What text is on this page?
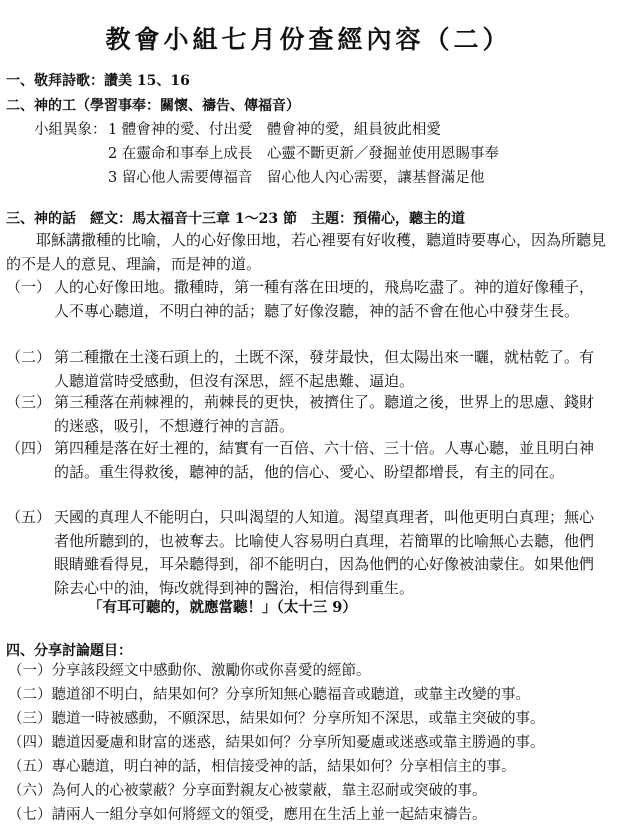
教會小組七月份查經內容（二）
一、敬拜詩歌：讚美 15、16
二、神的工（學習事奉：關懷、禱告、傳福音）
小組異象： 1 體會神的愛、付出愛　體會神的愛，組員彼此相愛
2 在靈命和事奉上成長　心靈不斷更新／發掘並使用恩賜事奉
3 留心他人需要傳福音　留心他人內心需要，讓基督滿足他
三、神的話　經文：馬太福音十三章 1～23 節　主題：預備心，聽主的道
耶穌講撒種的比喻，人的心好像田地，若心裡要有好收穫，聽道時要專心，因為所聽見的不是人的意見、理論，而是神的道。
（一） 人的心好像田地。撒種時，第一種有落在田埂的，飛鳥吃盡了。神的道好像種子，人不專心聽道，不明白神的話；聽了好像沒聽，神的話不會在他心中發芽生長。
（二） 第二種撒在土淺石頭上的，土既不深，發芽最快，但太陽出來一曬，就枯乾了。有人聽道當時受感動，但沒有深思，經不起患難、逼迫。
（三） 第三種落在荊棘裡的，荊棘長的更快，被擠住了。聽道之後，世界上的思慮、錢財的迷惑，吸引，不想遵行神的言語。
（四） 第四種是落在好土裡的，結實有一百倍、六十倍、三十倍。人專心聽，並且明白神的話。重生得救後，聽神的話，他的信心、愛心、盼望都增長，有主的同在。
（五） 天國的真理人不能明白，只叫渴望的人知道。渴望真理者，叫他更明白真理；無心者他所聽到的，也被奪去。比喻使人容易明白真理，若簡單的比喻無心去聽，他們眼睛雖看得見，耳朵聽得到，卻不能明白，因為他們的心好像被油蒙住。如果他們除去心中的油，悔改就得到神的醫治，相信得到重生。
「有耳可聽的，就應當聽！」（太十三 9）
四、分享討論題目：
（一）分享該段經文中感動你、激勵你或你喜愛的經節。
（二）聽道卻不明白，結果如何？分享所知無心聽福音或聽道，或靠主改變的事。
（三）聽道一時被感動，不願深思，結果如何？分享所知不深思，或靠主突破的事。
（四）聽道因憂慮和財富的迷惑，結果如何？分享所知憂慮或迷惑或靠主勝過的事。
（五）專心聽道，明白神的話，相信接受神的話，結果如何？分享相信主的事。
（六）為何人的心被蒙蔽？分享面對親友心被蒙蔽，靠主忍耐或突破的事。
（七）請兩人一組分享如何將經文的領受，應用在生活上並一起結束禱告。
